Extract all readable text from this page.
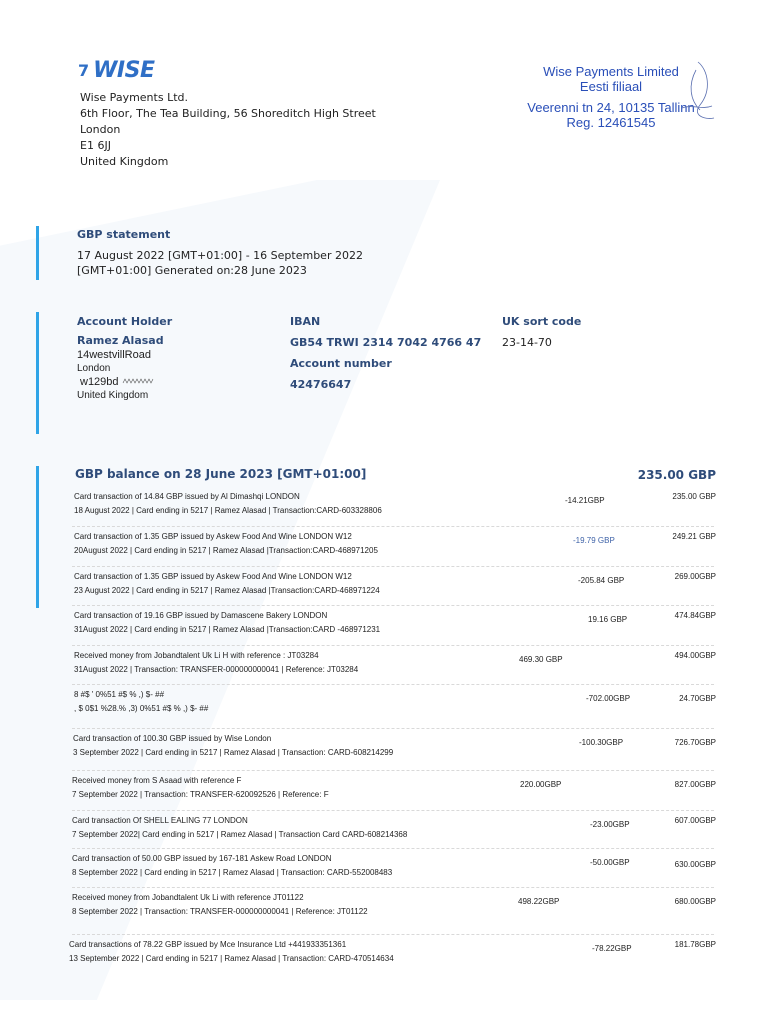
7 WISE
Wise Payments Ltd.
6th Floor, The Tea Building, 56 Shoreditch High Street
London
E1 6JJ
United Kingdom
Wise Payments Limited
Eesti filiaal
Veerenni tn 24, 10135 Tallinn
Reg. 12461545
GBP statement
17 August 2022 [GMT+01:00] - 16 September 2022
[GMT+01:00] Generated on:28 June 2023
Account Holder
Ramez Alasad
14westvillRoad
London
w129bd
United Kingdom
IBAN
GB54 TRWI 2314 7042 4766 47
Account number
42476647
UK sort code
23-14-70
GBP balance on 28 June 2023 [GMT+01:00]	235.00 GBP
Card transaction of 14.84 GBP issued by Al Dimashqi LONDON
18 August 2022 | Card ending in 5217 | Ramez Alasad | Transaction:CARD-603328806
-14.21GBP	235.00 GBP
Card transaction of 1.35 GBP issued by Askew Food And Wine LONDON W12
20August 2022 | Card ending in 5217 | Ramez Alasad |Transaction:CARD-468971205
-19.79 GBP	249.21 GBP
Card transaction of 1.35 GBP issued by Askew Food And Wine LONDON W12
23 August 2022 | Card ending in 5217 | Ramez Alasad |Transaction:CARD-468971224
-205.84 GBP	269.00GBP
Card transaction of 19.16 GBP issued by Damascene Bakery LONDON
31August 2022 | Card ending in 5217 | Ramez Alasad |Transaction:CARD -468971231
19.16 GBP	474.84GBP
Received money from Jobandtalent Uk Li H with reference : JT03284
31August 2022 | Transaction: TRANSFER-000000000041 | Reference: JT03284
469.30 GBP	494.00GBP
8 #$ ' 0%51 #$ % ,) $- ##
, $ 0$1 %28.% ,3) 0%51 #$ % ,) $- ##
-702.00GBP	24.70GBP
Card transaction of 100.30 GBP issued by Wise London
3 September 2022 | Card ending in 5217 | Ramez Alasad | Transaction: CARD-608214299
-100.30GBP	726.70GBP
Received money from S Asaad with reference F
7 September 2022 | Transaction: TRANSFER-620092526 | Reference: F
220.00GBP	827.00GBP
Card transaction Of SHELL EALING 77 LONDON
7 September 2022| Card ending in 5217 | Ramez Alasad | Transaction Card CARD-608214368
-23.00GBP	607.00GBP
Card transaction of 50.00 GBP issued by 167-181 Askew Road LONDON
8 September 2022 | Card ending in 5217 | Ramez Alasad | Transaction: CARD-552008483
-50.00GBP	630.00GBP
Received money from Jobandtalent Uk Li with reference JT01122
8 September 2022 | Transaction: TRANSFER-000000000041 | Reference: JT01122
498.22GBP	680.00GBP
Card transactions of 78.22 GBP issued by Mce Insurance Ltd +441933351361
13 September 2022 | Card ending in 5217 | Ramez Alasad | Transaction: CARD-470514634
-78.22GBP	181.78GBP
